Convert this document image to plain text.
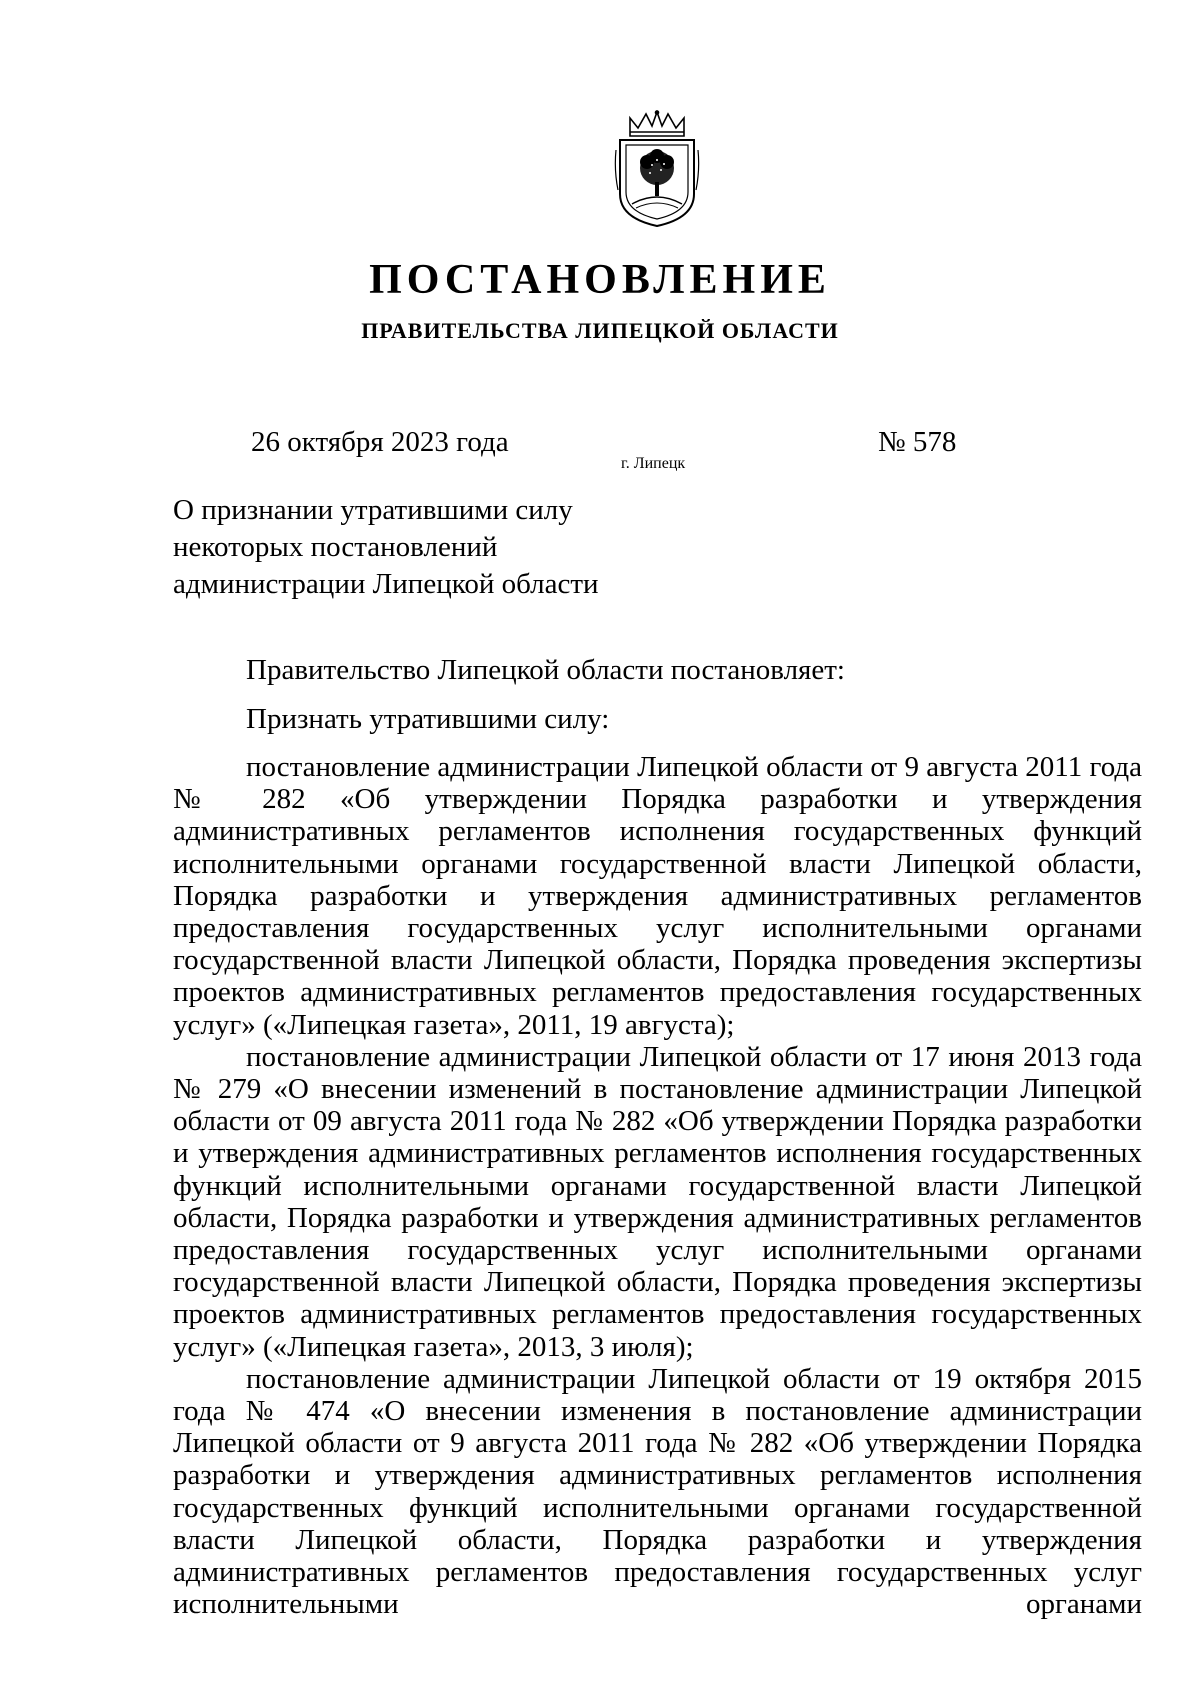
ПОСТАНОВЛЕНИЕ
ПРАВИТЕЛЬСТВА ЛИПЕЦКОЙ ОБЛАСТИ
26 октября 2023 года
г. Липецк
№ 578
О признании утратившими силу
некоторых постановлений
администрации Липецкой области
Правительство Липецкой области постановляет:
Признать утратившими силу:

постановление администрации Липецкой области от 9 августа 2011 года № 282 «Об утверждении Порядка разработки и утверждения административных регламентов исполнения государственных функций исполнительными органами государственной власти Липецкой области, Порядка разработки и утверждения административных регламентов предоставления государственных услуг исполнительными органами государственной власти Липецкой области, Порядка проведения экспертизы проектов административных регламентов предоставления государственных услуг» («Липецкая газета», 2011, 19 августа);

постановление администрации Липецкой области от 17 июня 2013 года № 279 «О внесении изменений в постановление администрации Липецкой области от 09 августа 2011 года № 282 «Об утверждении Порядка разработки и утверждения административных регламентов исполнения государственных функций исполнительными органами государственной власти Липецкой области, Порядка разработки и утверждения административных регламентов предоставления государственных услуг исполнительными органами государственной власти Липецкой области, Порядка проведения экспертизы проектов административных регламентов предоставления государственных услуг» («Липецкая газета», 2013, 3 июля);

постановление администрации Липецкой области от 19 октября 2015 года № 474 «О внесении изменения в постановление администрации Липецкой области от 9 августа 2011 года № 282 «Об утверждении Порядка разработки и утверждения административных регламентов исполнения государственных функций исполнительными органами государственной власти Липецкой области, Порядка разработки и утверждения административных регламентов предоставления государственных услуг исполнительными органами
